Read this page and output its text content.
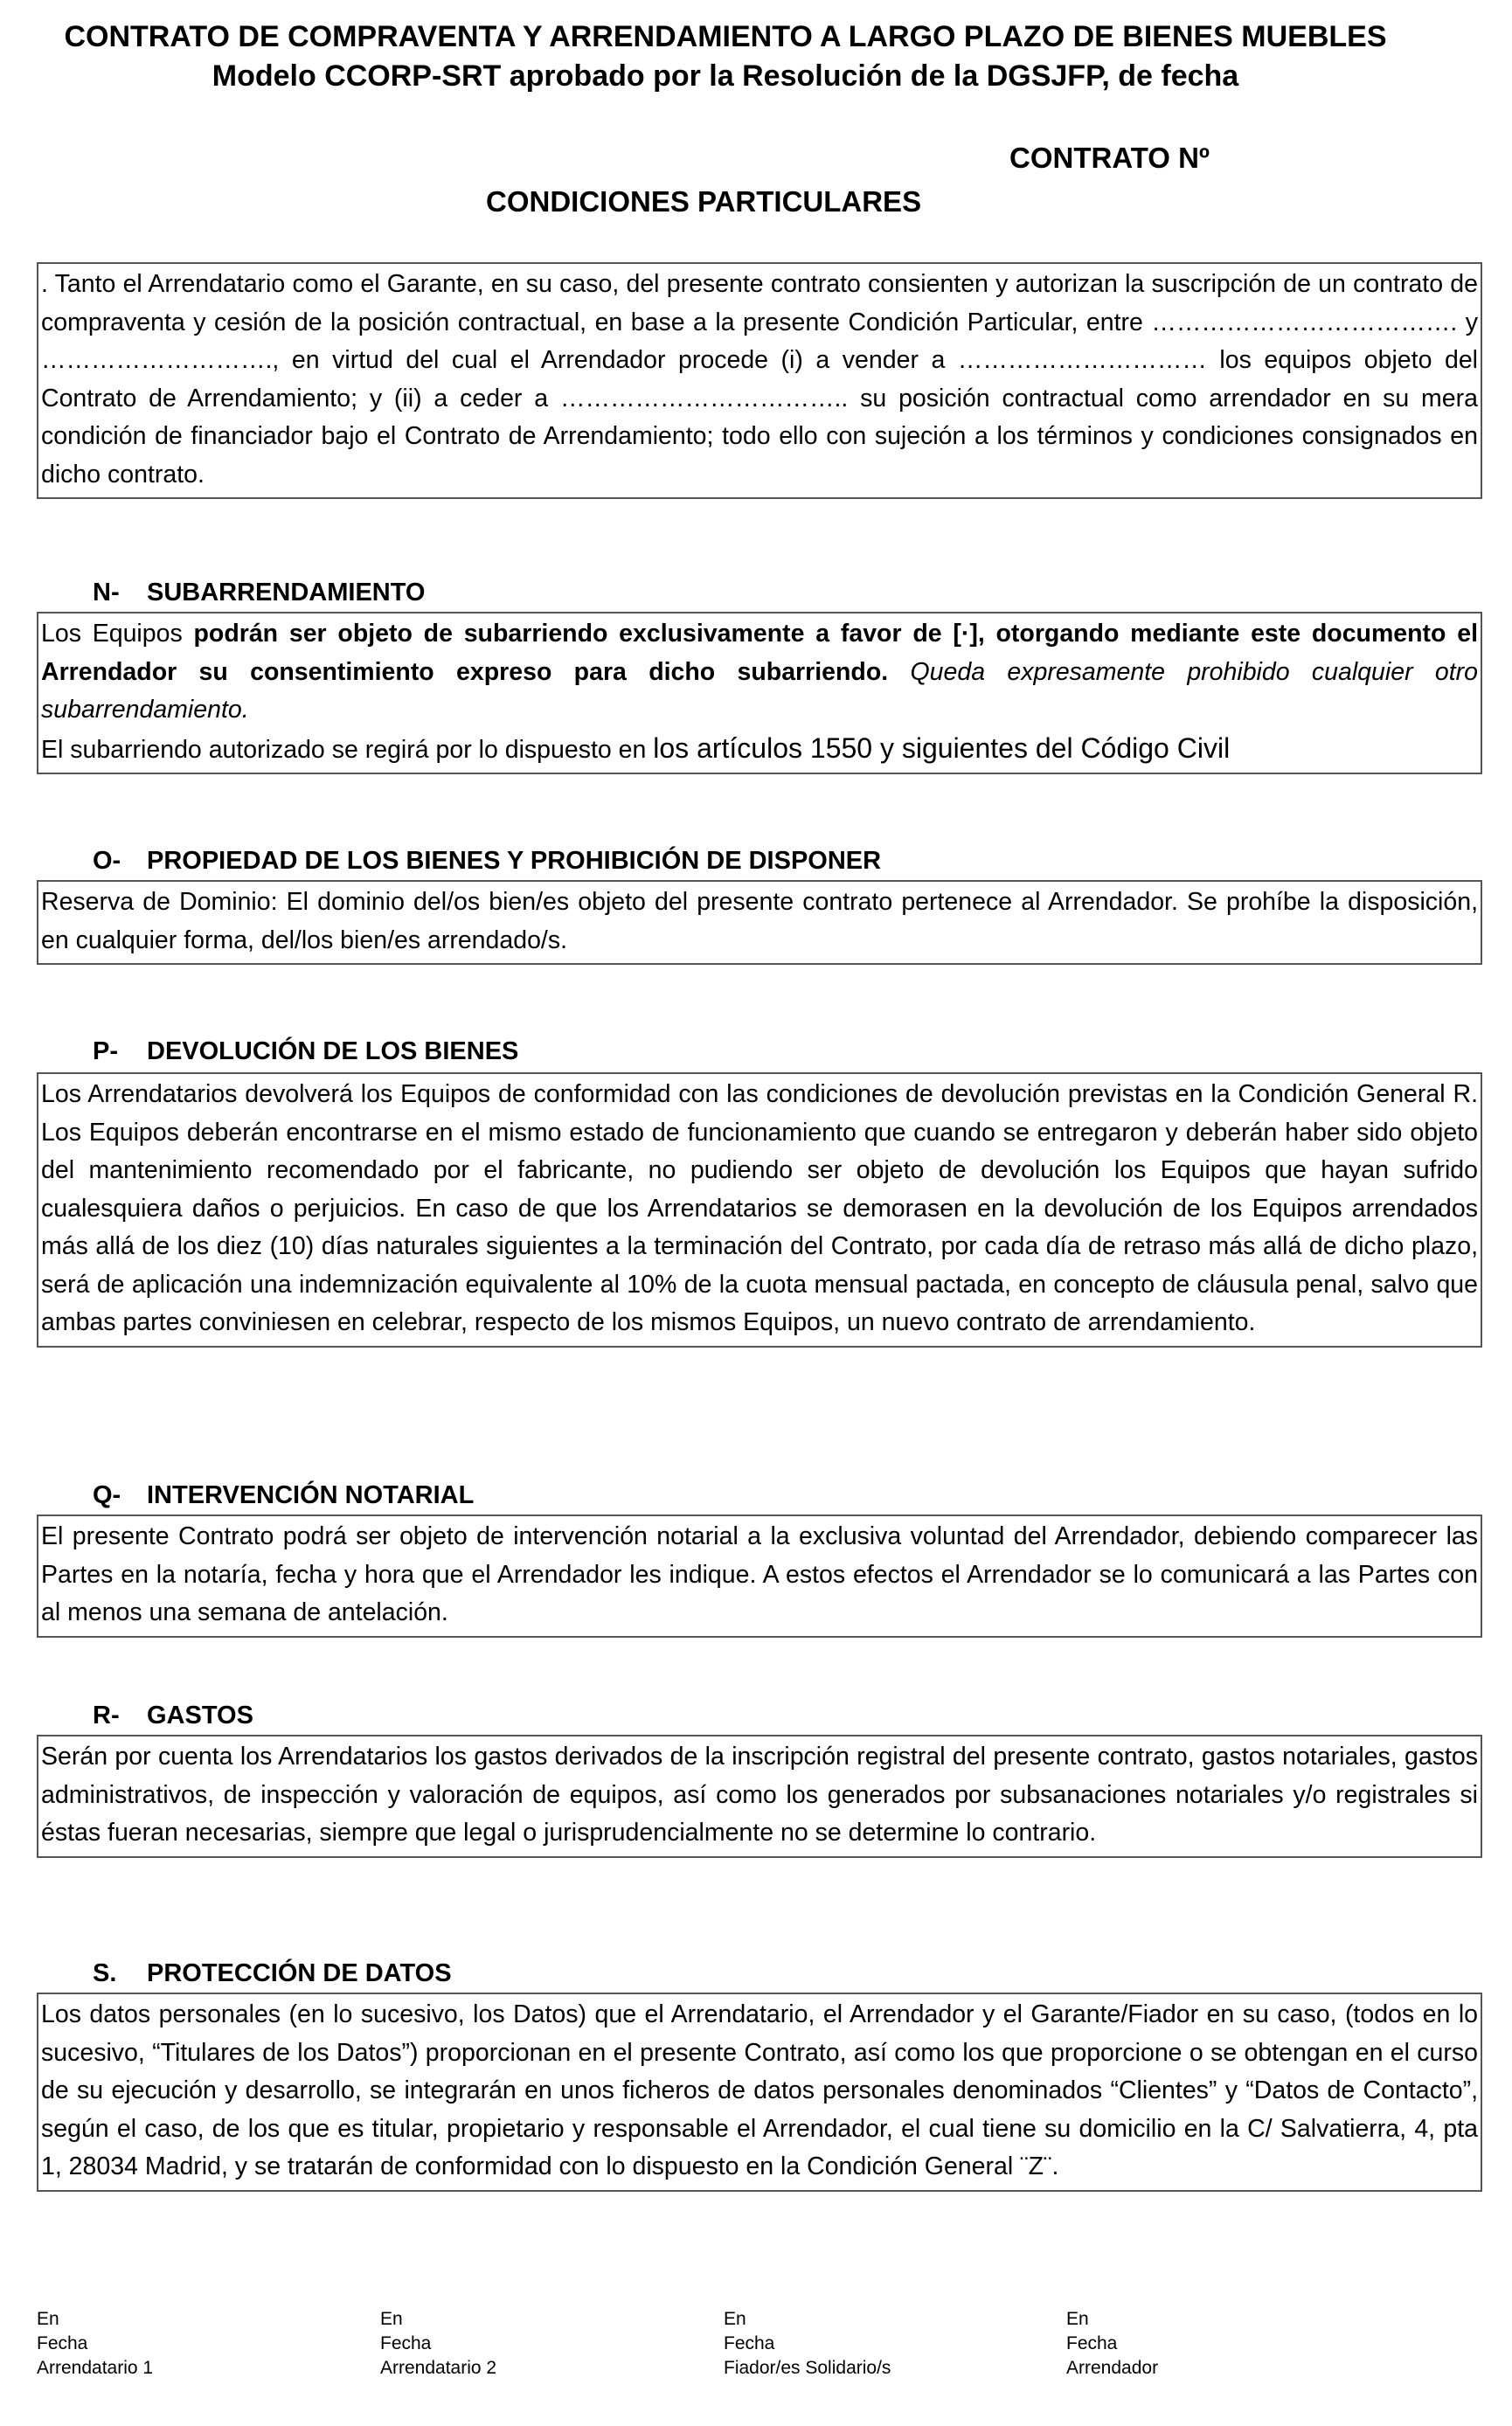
CONTRATO DE COMPRAVENTA Y ARRENDAMIENTO A LARGO PLAZO DE BIENES MUEBLES
Modelo CCORP-SRT aprobado por la Resolución de la DGSJFP, de fecha
CONTRATO Nº
CONDICIONES PARTICULARES

. Tanto el Arrendatario como el Garante, en su caso, del presente contrato consienten y autorizan la suscripción de un contrato de compraventa y cesión de la posición contractual, en base a la presente Condición Particular, entre ………………………………. y ………………………., en virtud del cual el Arrendador procede (i) a vender a ………………………… los equipos objeto del Contrato de Arrendamiento; y (ii) a ceder a …………………………….. su posición contractual como arrendador en su mera condición de financiador bajo el Contrato de Arrendamiento; todo ello con sujeción a los términos y condiciones consignados en dicho contrato.

N- SUBARRENDAMIENTO

Los Equipos podrán ser objeto de subarriendo exclusivamente a favor de [·], otorgando mediante este documento el Arrendador su consentimiento expreso para dicho subarriendo. Queda expresamente prohibido cualquier otro subarrendamiento.

El subarriendo autorizado se regirá por lo dispuesto en los artículos 1550 y siguientes del Código Civil

O- PROPIEDAD DE LOS BIENES Y PROHIBICIÓN DE DISPONER

Reserva de Dominio: El dominio del/os bien/es objeto del presente contrato pertenece al Arrendador. Se prohíbe la disposición, en cualquier forma, del/los bien/es arrendado/s.

P- DEVOLUCIÓN DE LOS BIENES

Los Arrendatarios devolverá los Equipos de conformidad con las condiciones de devolución previstas en la Condición General R. Los Equipos deberán encontrarse en el mismo estado de funcionamiento que cuando se entregaron y deberán haber sido objeto del mantenimiento recomendado por el fabricante, no pudiendo ser objeto de devolución los Equipos que hayan sufrido cualesquiera daños o perjuicios. En caso de que los Arrendatarios se demorasen en la devolución de los Equipos arrendados más allá de los diez (10) días naturales siguientes a la terminación del Contrato, por cada día de retraso más allá de dicho plazo, será de aplicación una indemnización equivalente al 10% de la cuota mensual pactada, en concepto de cláusula penal, salvo que ambas partes conviniesen en celebrar, respecto de los mismos Equipos, un nuevo contrato de arrendamiento.

Q- INTERVENCIÓN NOTARIAL

El presente Contrato podrá ser objeto de intervención notarial a la exclusiva voluntad del Arrendador, debiendo comparecer las Partes en la notaría, fecha y hora que el Arrendador les indique. A estos efectos el Arrendador se lo comunicará a las Partes con al menos una semana de antelación.

R- GASTOS

Serán por cuenta los Arrendatarios los gastos derivados de la inscripción registral del presente contrato, gastos notariales, gastos administrativos, de inspección y valoración de equipos, así como los generados por subsanaciones notariales y/o registrales si éstas fueran necesarias, siempre que legal o jurisprudencialmente no se determine lo contrario.

S. PROTECCIÓN DE DATOS

Los datos personales (en lo sucesivo, los Datos) que el Arrendatario, el Arrendador y el Garante/Fiador en su caso, (todos en lo sucesivo, “Titulares de los Datos”) proporcionan en el presente Contrato, así como los que proporcione o se obtengan en el curso de su ejecución y desarrollo, se integrarán en unos ficheros de datos personales denominados “Clientes” y “Datos de Contacto”, según el caso, de los que es titular, propietario y responsable el Arrendador, el cual tiene su domicilio en la C/ Salvatierra, 4, pta 1, 28034 Madrid, y se tratarán de conformidad con lo dispuesto en la Condición General ¨Z¨.

En
Fecha
Arrendatario 1
En
Fecha
Arrendatario 2
En
Fecha
Fiador/es Solidario/s
En
Fecha
Arrendador
